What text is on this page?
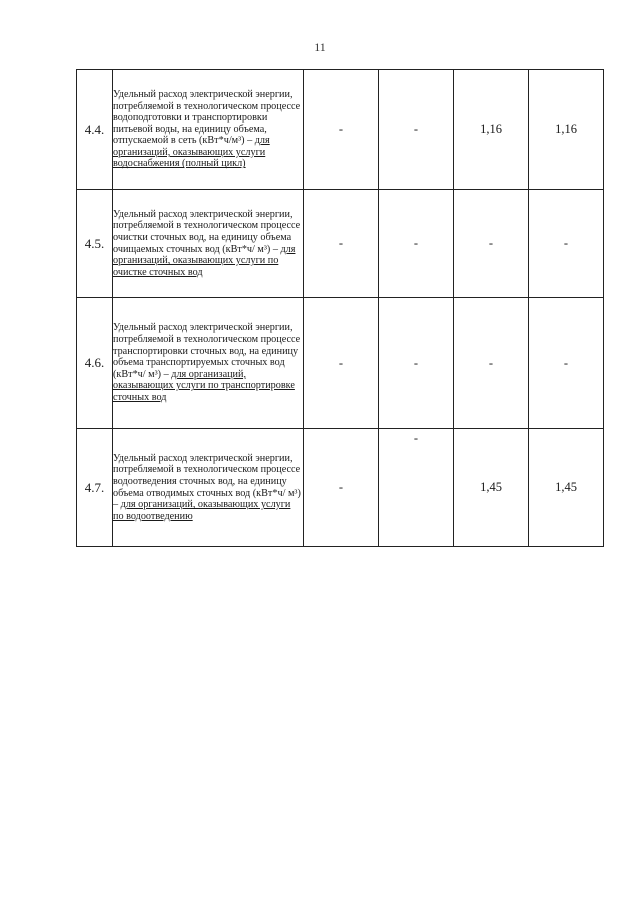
11
4.4.	Удельный расход электрической энергии, потребляемой в технологическом процессе водоподготовки и транспортировки питьевой воды, на единицу объема, отпускаемой в сеть (кВт*ч/м³) – для организаций, оказывающих услуги водоснабжения (полный цикл)	-	-	1,16	1,16
4.5.	Удельный расход электрической энергии, потребляемой в технологическом процессе очистки сточных вод, на единицу объема очищаемых сточных вод (кВт*ч/ м³) – для организаций, оказывающих услуги по очистке сточных вод	-	-	-	-
4.6.	Удельный расход электрической энергии, потребляемой в технологическом процессе транспортировки сточных вод, на единицу объема транспортируемых сточных вод (кВт*ч/ м³) – для организаций, оказывающих услуги по транспортировке сточных вод	-	-	-	-
4.7.	Удельный расход электрической энергии, потребляемой в технологическом процессе водоотведения сточных вод, на единицу объема отводимых сточных вод (кВт*ч/ м³) – для организаций, оказывающих услуги по водоотведению	-	-	1,45	1,45
